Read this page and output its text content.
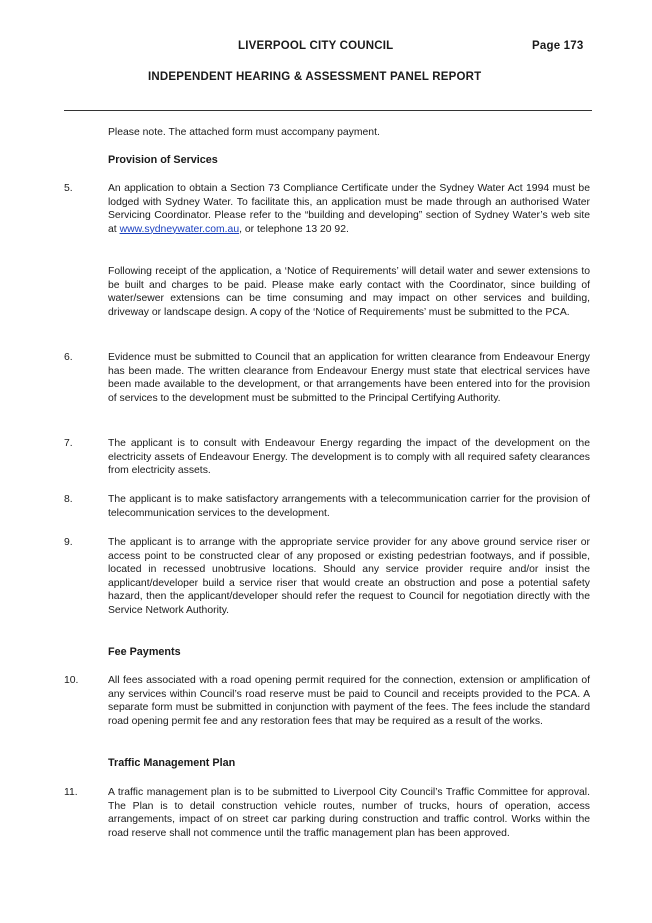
LIVERPOOL CITY COUNCIL	Page 173
INDEPENDENT HEARING & ASSESSMENT PANEL REPORT
Please note. The attached form must accompany payment.
Provision of Services
5.	An application to obtain a Section 73 Compliance Certificate under the Sydney Water Act 1994 must be lodged with Sydney Water. To facilitate this, an application must be made through an authorised Water Servicing Coordinator. Please refer to the “building and developing” section of Sydney Water’s web site at www.sydneywater.com.au, or telephone 13 20 92.
Following receipt of the application, a ‘Notice of Requirements’ will detail water and sewer extensions to be built and charges to be paid. Please make early contact with the Coordinator, since building of water/sewer extensions can be time consuming and may impact on other services and building, driveway or landscape design. A copy of the ‘Notice of Requirements’ must be submitted to the PCA.
6.	Evidence must be submitted to Council that an application for written clearance from Endeavour Energy has been made. The written clearance from Endeavour Energy must state that electrical services have been made available to the development, or that arrangements have been entered into for the provision of services to the development must be submitted to the Principal Certifying Authority.
7.	The applicant is to consult with Endeavour Energy regarding the impact of the development on the electricity assets of Endeavour Energy. The development is to comply with all required safety clearances from electricity assets.
8.	The applicant is to make satisfactory arrangements with a telecommunication carrier for the provision of telecommunication services to the development.
9.	The applicant is to arrange with the appropriate service provider for any above ground service riser or access point to be constructed clear of any proposed or existing pedestrian footways, and if possible, located in recessed unobtrusive locations. Should any service provider require and/or insist the applicant/developer build a service riser that would create an obstruction and pose a potential safety hazard, then the applicant/developer should refer the request to Council for negotiation directly with the Service Network Authority.
Fee Payments
10.	All fees associated with a road opening permit required for the connection, extension or amplification of any services within Council’s road reserve must be paid to Council and receipts provided to the PCA. A separate form must be submitted in conjunction with payment of the fees. The fees include the standard road opening permit fee and any restoration fees that may be required as a result of the works.
Traffic Management Plan
11.	A traffic management plan is to be submitted to Liverpool City Council’s Traffic Committee for approval. The Plan is to detail construction vehicle routes, number of trucks, hours of operation, access arrangements, impact of on street car parking during construction and traffic control. Works within the road reserve shall not commence until the traffic management plan has been approved.
